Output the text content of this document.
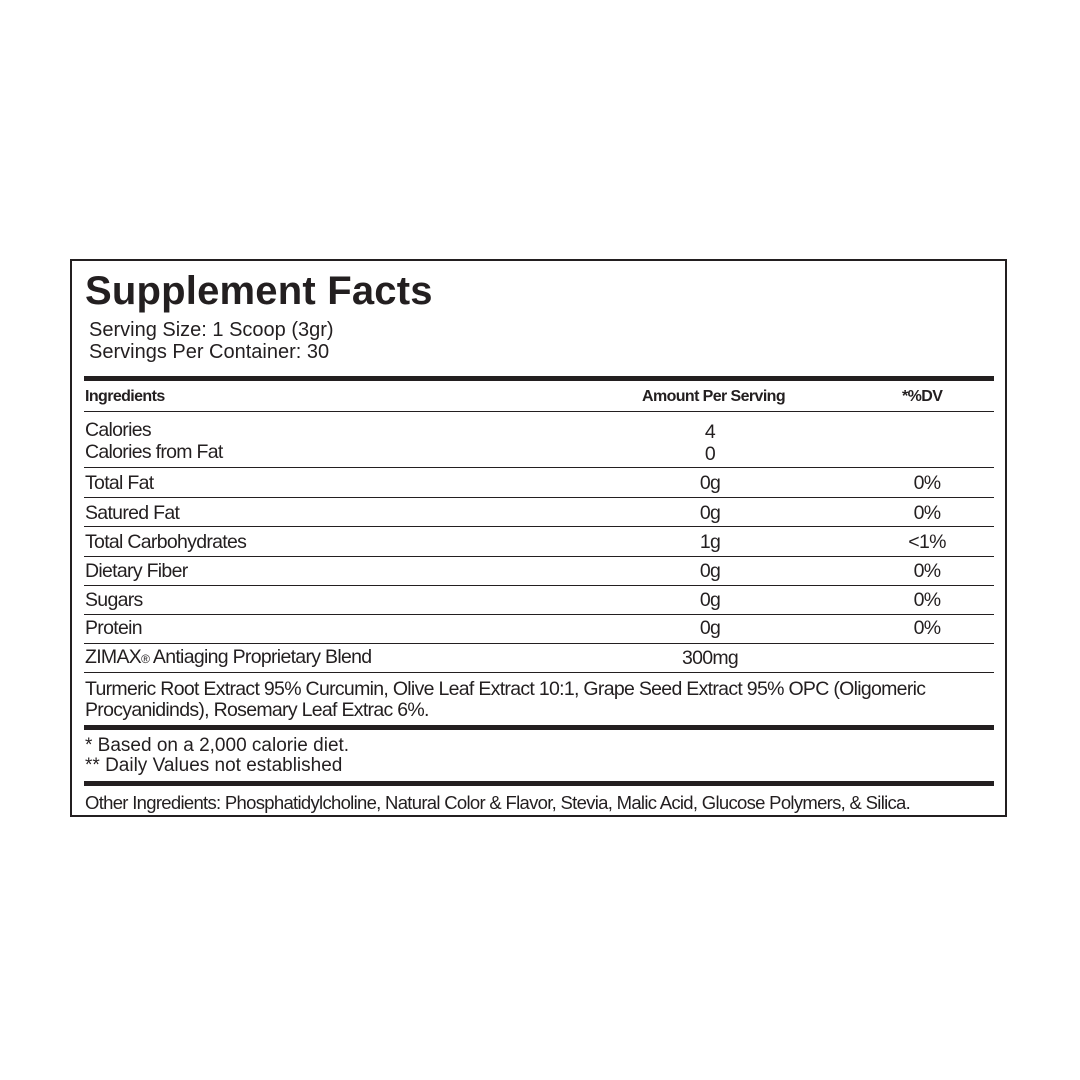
Supplement Facts
Serving Size: 1 Scoop (3gr)
Servings Per Container: 30
Ingredients	Amount Per Serving	*%DV
Calories	4
Calories from Fat	0
Total Fat	0g	0%
Satured Fat	0g	0%
Total Carbohydrates	1g	<1%
Dietary Fiber	0g	0%
Sugars	0g	0%
Protein	0g	0%
ZIMAX® Antiaging Proprietary Blend	300mg
Turmeric Root Extract 95% Curcumin, Olive Leaf Extract 10:1, Grape Seed Extract 95% OPC (Oligomeric Procyanidinds), Rosemary Leaf Extrac 6%.
* Based on a 2,000 calorie diet.
** Daily Values not established
Other Ingredients: Phosphatidylcholine, Natural Color & Flavor, Stevia, Malic Acid, Glucose Polymers, & Silica.
